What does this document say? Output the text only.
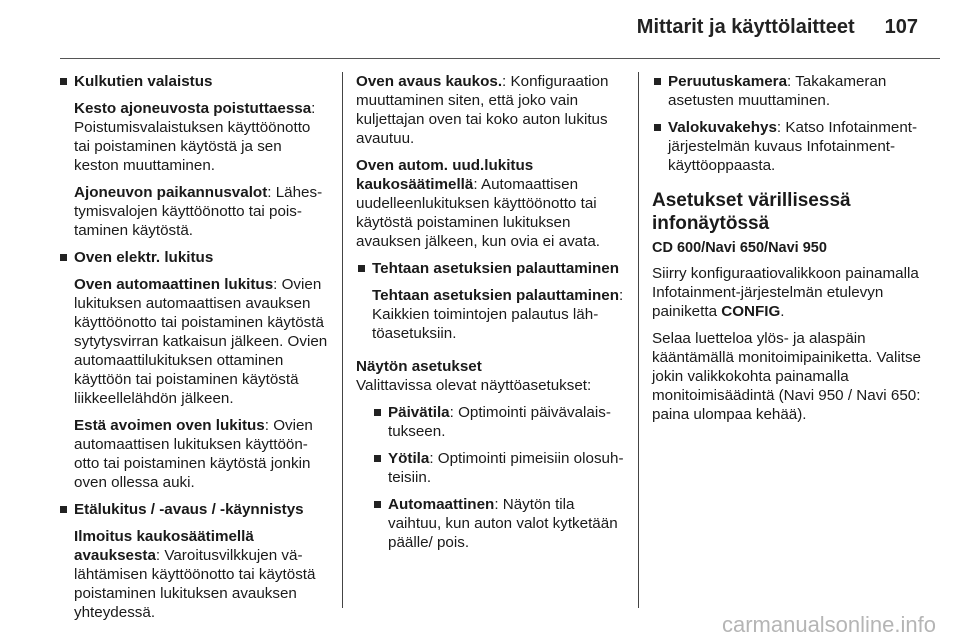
Mittarit ja käyttölaitteet 107
Kulkutien valaistus
Kesto ajoneuvosta poistuttaessa: Poistumisvalaistuksen käyttöönotto tai poistaminen käytöstä ja sen keston muuttaminen.
Ajoneuvon paikannusvalot: Lähestymisvalojen käyttöönotto tai poistaminen käytöstä.
Oven elektr. lukitus
Oven automaattinen lukitus: Ovien lukituksen automaattisen avauksen käyttöönotto tai poistaminen käytöstä sytytysvirran katkaisun jälkeen. Ovien automaattilukituksen ottaminen käyttöön tai poistaminen käytöstä liikkeellelähdön jälkeen.
Estä avoimen oven lukitus: Ovien automaattisen lukituksen käyttöönotto tai poistaminen käytöstä jonkin oven ollessa auki.
Etälukitus / -avaus / -käynnistys
Ilmoitus kaukosäätimellä avauksesta: Varoitusvilkkujen välähtämisen käyttöönotto tai käytöstä poistaminen lukituksen avauksen yhteydessä.
Oven avaus kaukos.: Konfiguraation muuttaminen siten, että joko vain kuljettajan oven tai koko auton lukitus avautuu.
Oven autom. uud.lukitus kaukosäätimellä: Automaattisen uudelleenlukituksen käyttöönotto tai käytöstä poistaminen lukituksen avauksen jälkeen, kun ovia ei avata.
Tehtaan asetuksien palauttaminen
Tehtaan asetuksien palauttaminen: Kaikkien toimintojen palautus lähtöasetuksiin.
Näytön asetukset
Valittavissa olevat näyttöasetukset:
Päivätila: Optimointi päivävalaistukseen.
Yötila: Optimointi pimeisiin olosuhteisiin.
Automaattinen: Näytön tila vaihtuu, kun auton valot kytketään päälle/ pois.
Peruutuskamera: Takakameran asetusten muuttaminen.
Valokuvakehys: Katso Infotainment-järjestelmän kuvaus Infotainment-käyttöoppaasta.
Asetukset värillisessä infonäytössä
CD 600/Navi 650/Navi 950
Siirry konfiguraatiovalikkoon painamalla Infotainment-järjestelmän etulevyn painiketta CONFIG.
Selaa luetteloa ylös- ja alaspäin kääntämällä monitoimipainiketta. Valitse jokin valikkokohta painamalla monitoimisäädintä (Navi 950 / Navi 650: paina ulompaa kehää).
carmanualsonline.info
